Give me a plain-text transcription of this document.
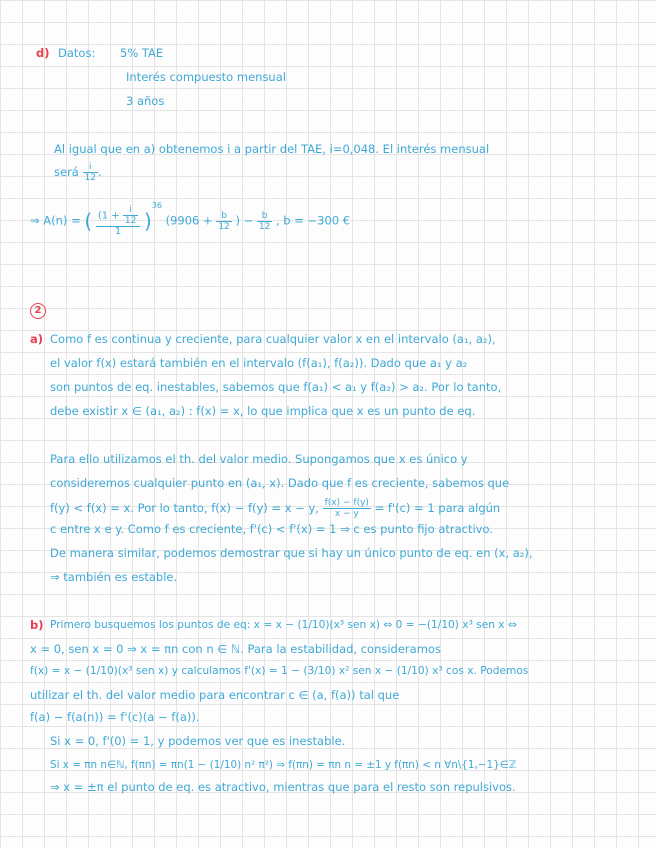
d) Datos: 5% TAE
Interés compuesto mensual
3 años
Al igual que en a) obtenemos i a partir del TAE, i=0,048. El interés mensual
será $\frac{i}{12}$ .
⇒ A(n) = ( $\frac{(1 + \frac{i}{12}}{1} )^{36}$ ($9906 + \frac{b}{12}$ ) − $\frac{b}{12}$ , b = −300 €
2
a) Como f es continua y creciente, para cualquier valor x en el intervalo (a₁, a₂),
el valor f(x) estará también en el intervalo (f(a₁), f(a₂)). Dado que a₁ y a₂
son puntos de eq. inestables, sabemos que f(a₁) < a₁ y f(a₂) > a₂. Por lo tanto,
debe existir x ∈ (a₁, a₂) : f(x) = x, lo que implica que x es un punto de eq.
Para ello utilizamos el th. del valor medio. Supongamos que x es único y
consideremos cualquier punto en (a₁, x). Dado que f es creciente, sabemos que
f(y) < f(x) = x. Por lo tanto, f(x) − f(y) = x − y, $\frac{f(x) - f(y)}{x - y} = f'(c) = 1$ para algún
c entre x e y. Como f es creciente, f'(c) < f'(x) = 1 ⇒ c es punto fijo atractivo.
De manera similar, podemos demostrar que si hay un único punto de eq. en (x, a₂),
⇒ también es estable.
b) Primero busquemos los puntos de eq: x = x − (1/10)(x³ sen x) ⇔ 0 = −(1/10) x³ sen x ⇔
x = 0, sen x = 0 ⇒ x = πn con n ∈ ℕ. Para la estabilidad, consideramos
f(x) = x − (1/10)(x³ sen x) y calculamos f'(x) = 1 − (3/10) x² sen x − (1/10) x³ cos x. Podemos
utilizar el th. del valor medio para encontrar c ∈ (a, f(a)) tal que
f(a) − f(a(n)) = f'(c)(a − f(a)).
Si x = 0, f'(0) = 1, y podemos ver que es inestable.
Si x = πn n∈ℕ, f(πn) = πn(1 − (1/10) n² π²) ⇒ f(πn) = πn n = ±1 y f(πn) < n ∀n\{1,−1}∈ℤ
⇒ x = ±π el punto de eq. es atractivo, mientras que para el resto son repulsivos.
